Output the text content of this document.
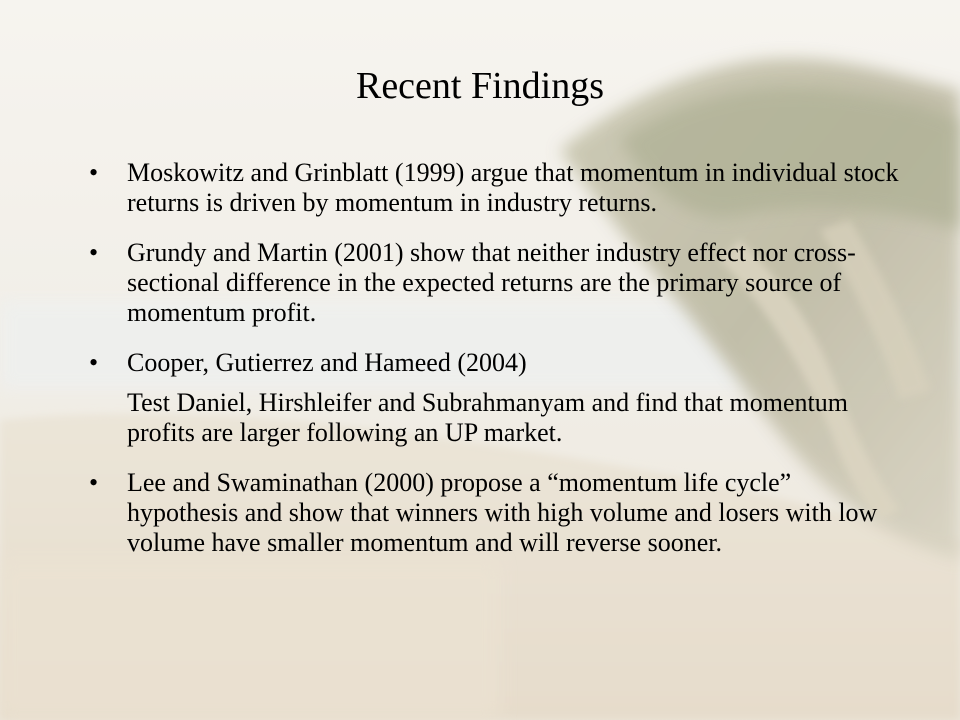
Recent Findings
• Moskowitz and Grinblatt (1999) argue that momentum in individual stock returns is driven by momentum in industry returns.
• Grundy and Martin (2001) show that neither industry effect nor cross-sectional difference in the expected returns are the primary source of momentum profit.
• Cooper, Gutierrez and Hameed (2004)
Test Daniel, Hirshleifer and Subrahmanyam and find that momentum profits are larger following an UP market.
• Lee and Swaminathan (2000) propose a “momentum life cycle” hypothesis and show that winners with high volume and losers with low volume have smaller momentum and will reverse sooner.
